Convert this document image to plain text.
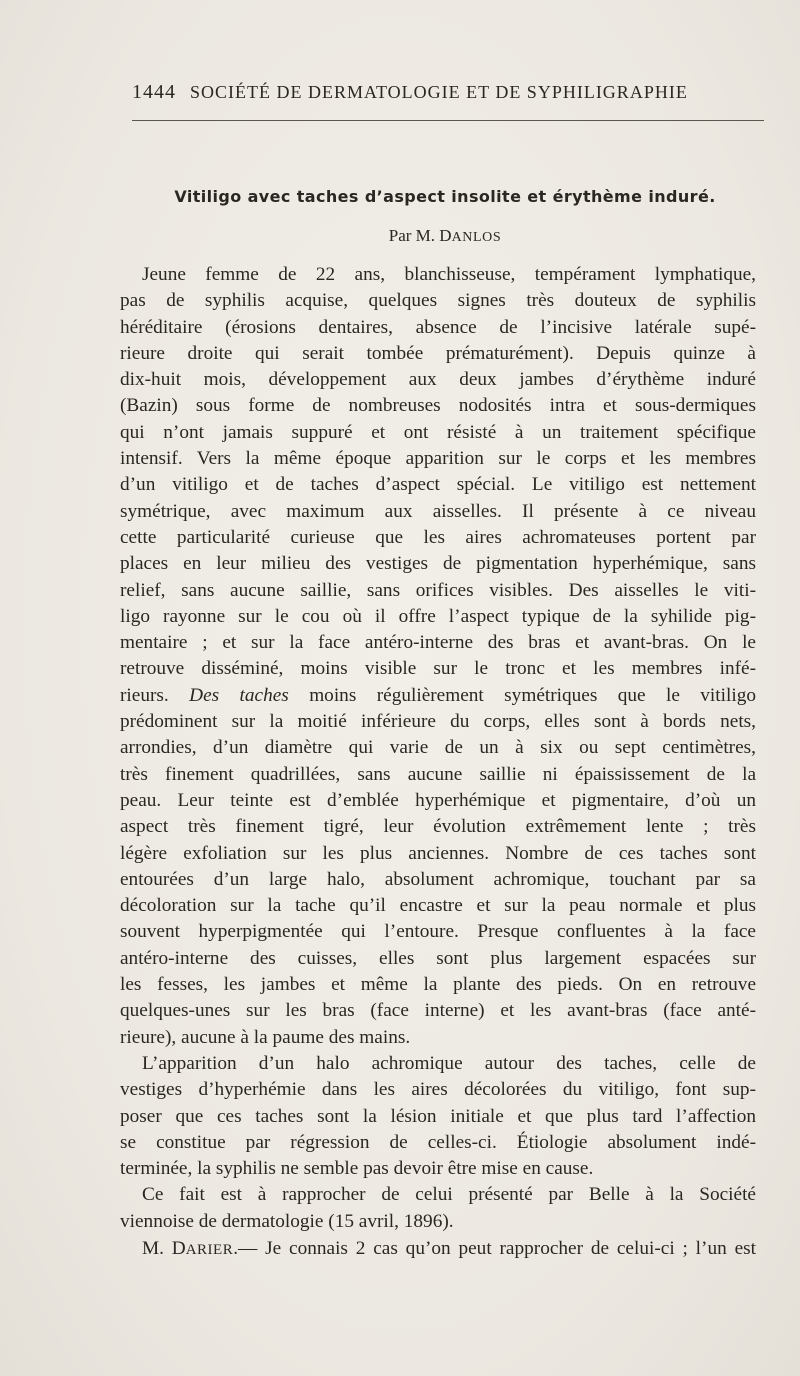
1444 SOCIÉTÉ DE DERMATOLOGIE ET DE SYPHILIGRAPHIE
Vitiligo avec taches d’aspect insolite et érythème induré.
Par M. DANLOS
Jeune femme de 22 ans, blanchisseuse, tempérament lymphatique,
pas de syphilis acquise, quelques signes très douteux de syphilis
héréditaire (érosions dentaires, absence de l’incisive latérale supé-
rieure droite qui serait tombée prématurément). Depuis quinze à
dix-huit mois, développement aux deux jambes d’érythème induré
(Bazin) sous forme de nombreuses nodosités intra et sous-dermiques
qui n’ont jamais suppuré et ont résisté à un traitement spécifique
intensif. Vers la même époque apparition sur le corps et les membres
d’un vitiligo et de taches d’aspect spécial. Le vitiligo est nettement
symétrique, avec maximum aux aisselles. Il présente à ce niveau
cette particularité curieuse que les aires achromateuses portent par
places en leur milieu des vestiges de pigmentation hyperhémique, sans
relief, sans aucune saillie, sans orifices visibles. Des aisselles le viti-
ligo rayonne sur le cou où il offre l’aspect typique de la syhilide pig-
mentaire ; et sur la face antéro-interne des bras et avant-bras. On le
retrouve disséminé, moins visible sur le tronc et les membres infé-
rieurs. Des taches moins régulièrement symétriques que le vitiligo
prédominent sur la moitié inférieure du corps, elles sont à bords nets,
arrondies, d’un diamètre qui varie de un à six ou sept centimètres,
très finement quadrillées, sans aucune saillie ni épaississement de la
peau. Leur teinte est d’emblée hyperhémique et pigmentaire, d’où un
aspect très finement tigré, leur évolution extrêmement lente ; très
légère exfoliation sur les plus anciennes. Nombre de ces taches sont
entourées d’un large halo, absolument achromique, touchant par sa
décoloration sur la tache qu’il encastre et sur la peau normale et plus
souvent hyperpigmentée qui l’entoure. Presque confluentes à la face
antéro-interne des cuisses, elles sont plus largement espacées sur
les fesses, les jambes et même la plante des pieds. On en retrouve
quelques-unes sur les bras (face interne) et les avant-bras (face anté-
rieure), aucune à la paume des mains.
L’apparition d’un halo achromique autour des taches, celle de
vestiges d’hyperhémie dans les aires décolorées du vitiligo, font sup-
poser que ces taches sont la lésion initiale et que plus tard l’affection
se constitue par régression de celles-ci. Étiologie absolument indé-
terminée, la syphilis ne semble pas devoir être mise en cause.
Ce fait est à rapprocher de celui présenté par Belle à la Société
viennoise de dermatologie (15 avril, 1896).
M. DARIER.— Je connais 2 cas qu’on peut rapprocher de celui-ci ; l’un est
